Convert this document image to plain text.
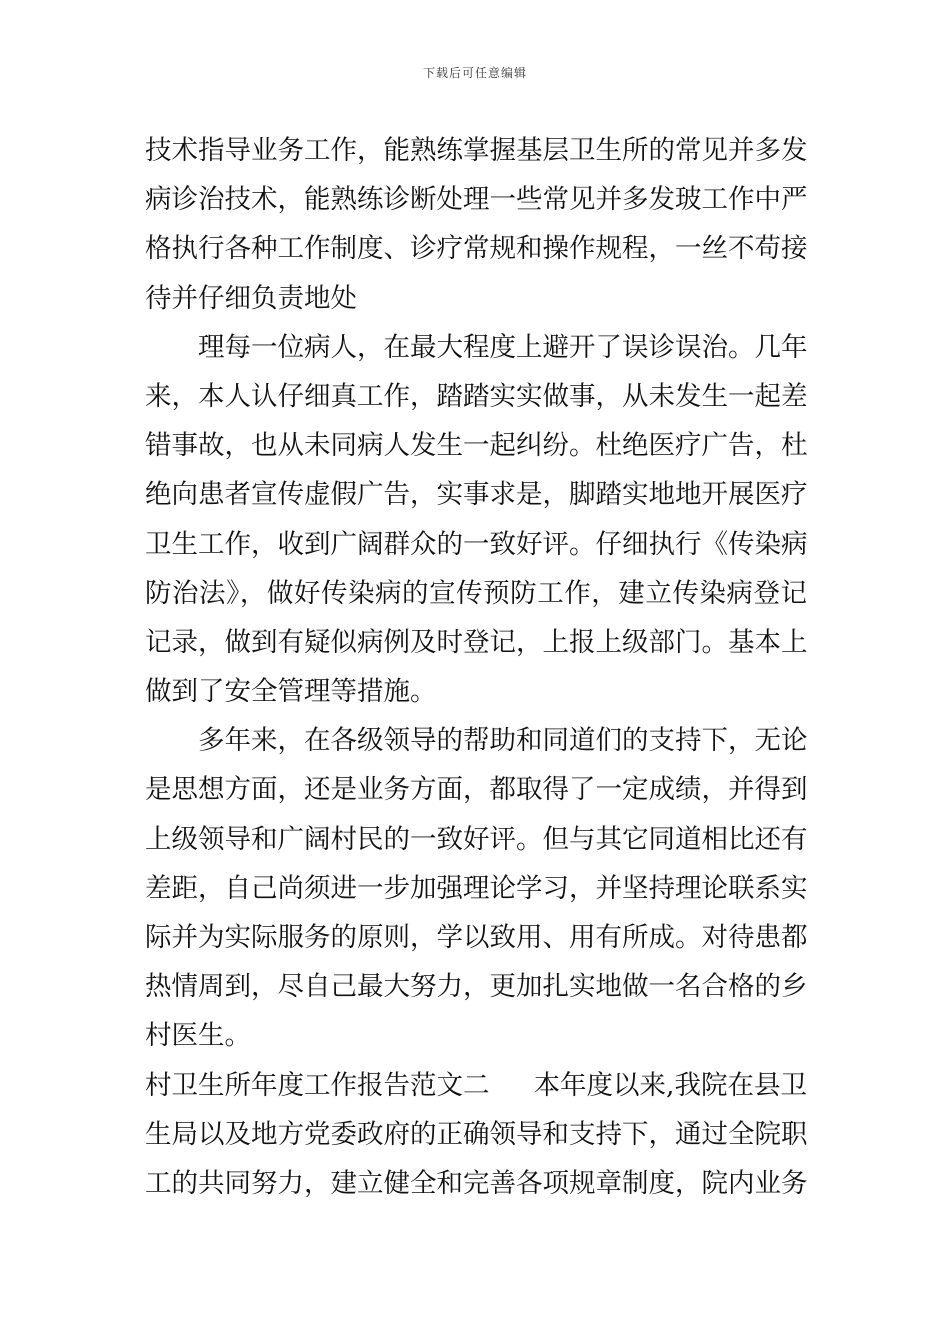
下载后可任意编辑
技术指导业务工作，能熟练掌握基层卫生所的常见并多发
病诊治技术，能熟练诊断处理一些常见并多发玻工作中严
格执行各种工作制度、诊疗常规和操作规程，一丝不苟接
待并仔细负责地处
理每一位病人，在最大程度上避开了误诊误治。几年
来，本人认仔细真工作，踏踏实实做事，从未发生一起差
错事故，也从未同病人发生一起纠纷。杜绝医疗广告，杜
绝向患者宣传虚假广告，实事求是，脚踏实地地开展医疗
卫生工作，收到广阔群众的一致好评。仔细执行《传染病
防治法》，做好传染病的宣传预防工作，建立传染病登记
记录，做到有疑似病例及时登记，上报上级部门。基本上
做到了安全管理等措施。
多年来，在各级领导的帮助和同道们的支持下，无论
是思想方面，还是业务方面，都取得了一定成绩，并得到
上级领导和广阔村民的一致好评。但与其它同道相比还有
差距，自己尚须进一步加强理论学习，并坚持理论联系实
际并为实际服务的原则，学以致用、用有所成。对待患都
热情周到，尽自己最大努力，更加扎实地做一名合格的乡
村医生。
村卫生所年度工作报告范文二 本年度以来,我院在县卫
生局以及地方党委政府的正确领导和支持下，通过全院职
工的共同努力，建立健全和完善各项规章制度，院内业务
